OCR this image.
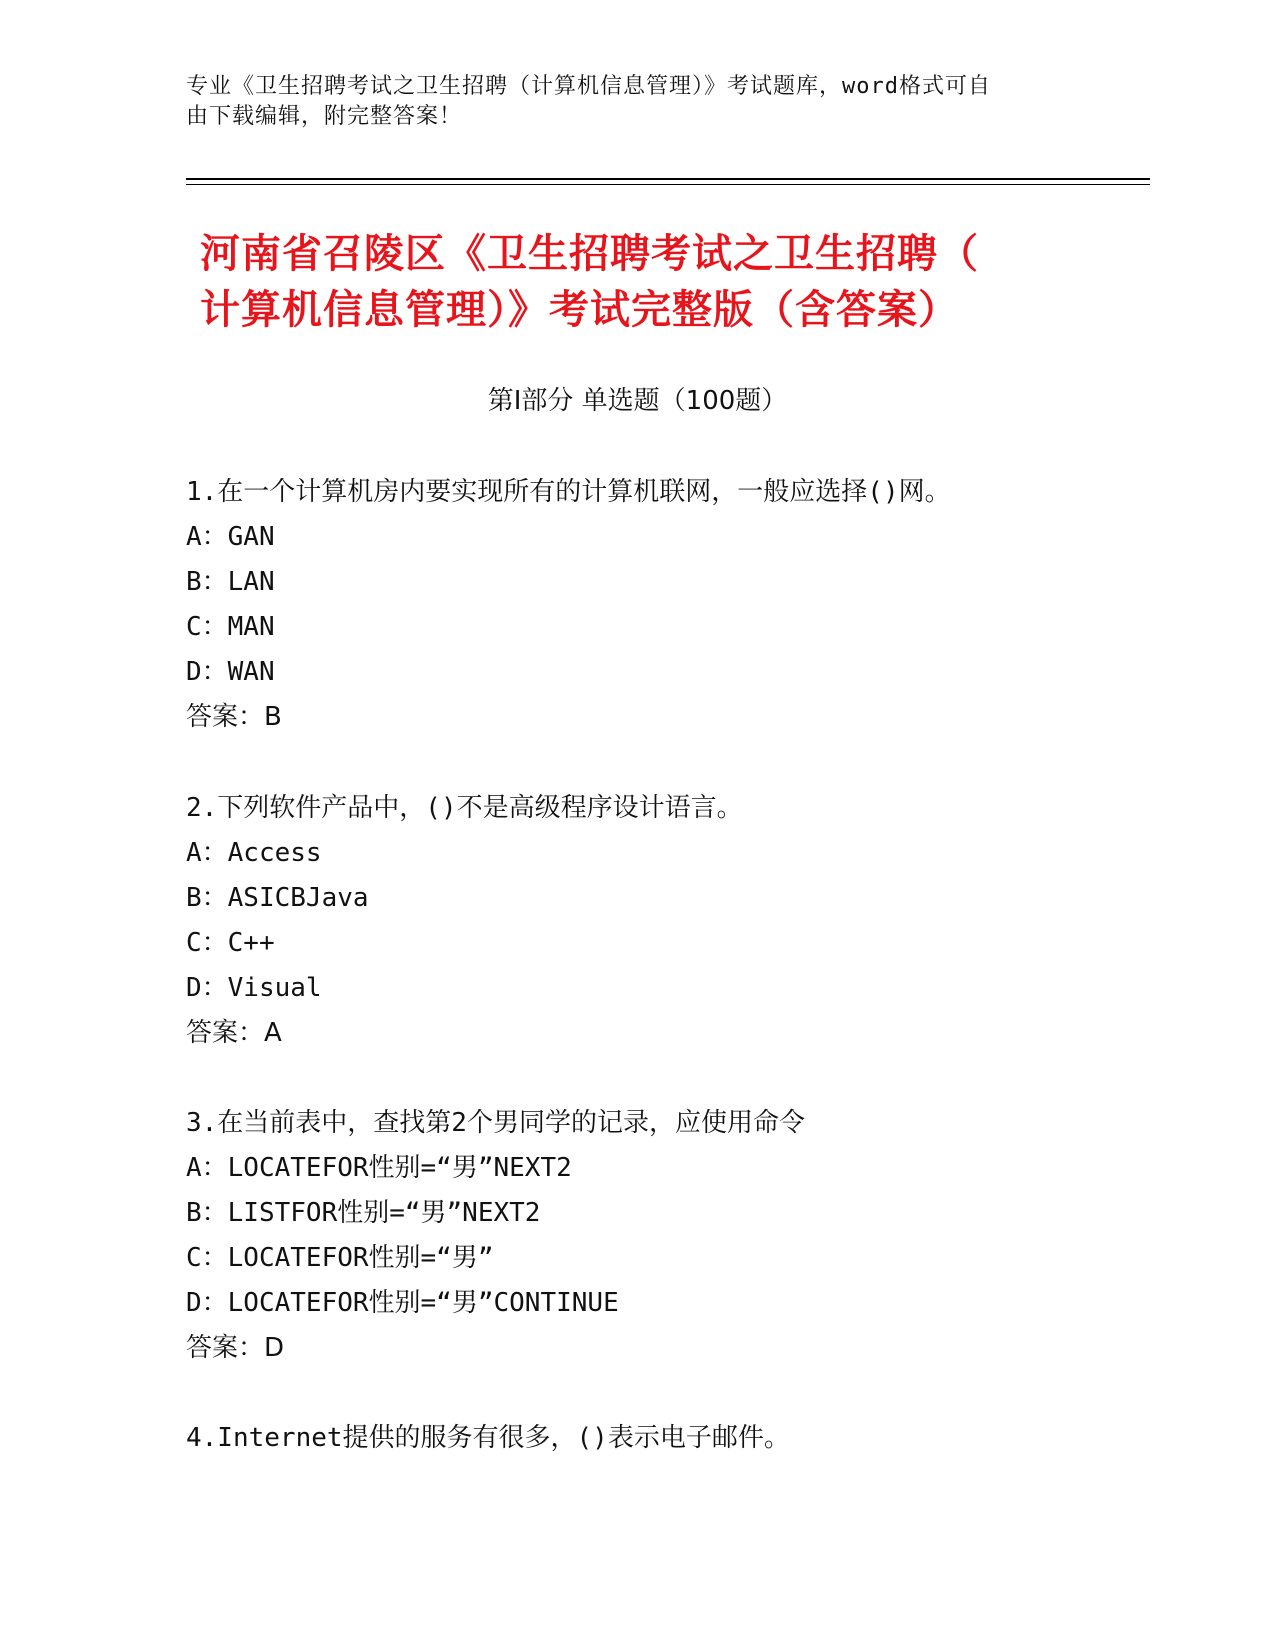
专业《卫生招聘考试之卫生招聘（计算机信息管理）》考试题库，word格式可自
由下载编辑，附完整答案！
河南省召陵区《卫生招聘考试之卫生招聘（
计算机信息管理）》考试完整版（含答案）
第Ⅰ部分 单选题（100题）
1.在一个计算机房内要实现所有的计算机联网，一般应选择()网。
A：GAN
B：LAN
C：MAN
D：WAN
答案：B
2.下列软件产品中，()不是高级程序设计语言。
A：Access
B：ASICBJava
C：C++
D：Visual
答案：A
3.在当前表中，查找第2个男同学的记录，应使用命令
A：LOCATEFOR性别=“男”NEXT2
B：LISTFOR性别=“男”NEXT2
C：LOCATEFOR性别=“男”
D：LOCATEFOR性别=“男”CONTINUE
答案：D
4.Internet提供的服务有很多，()表示电子邮件。
